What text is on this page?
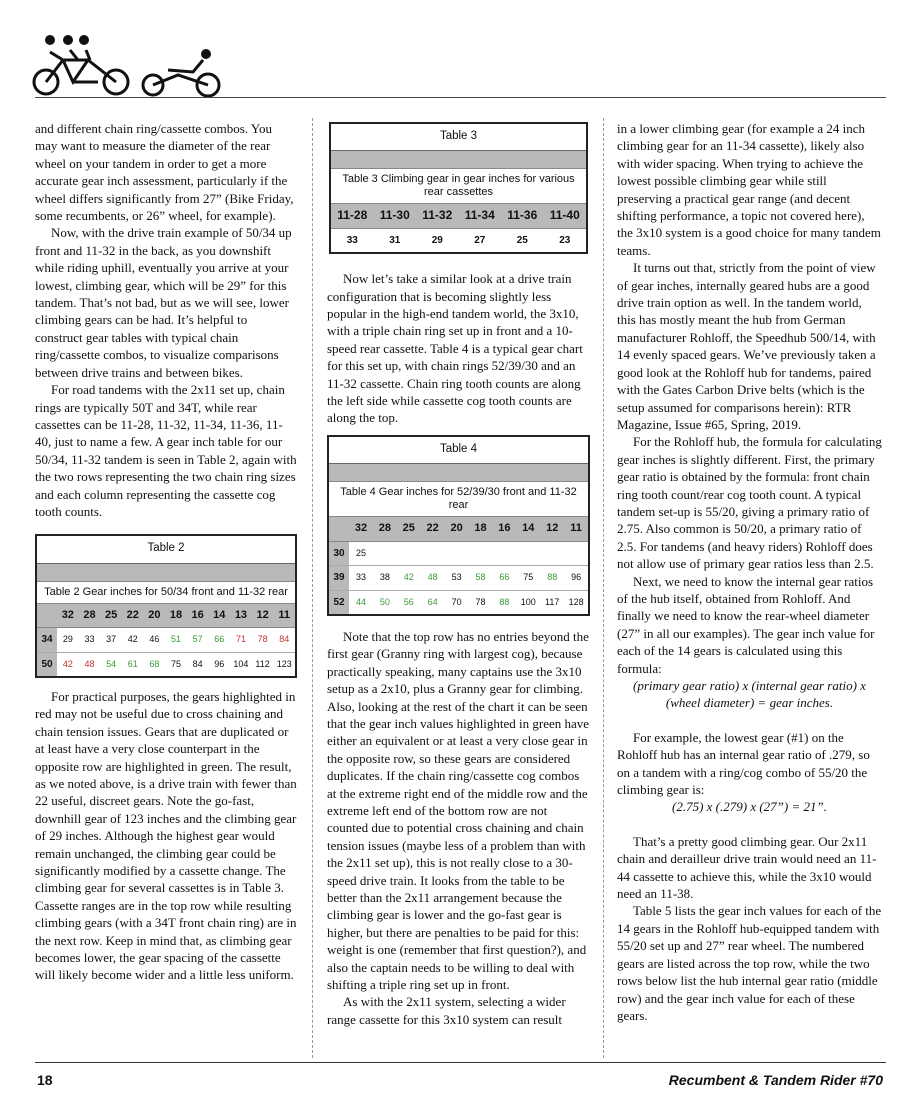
and different chain ring/cassette combos. You may want to measure the diameter of the rear wheel on your tandem in order to get a more accurate gear inch assessment, particularly if the wheel differs significantly from 27” (Bike Friday, some recumbents, or 26” wheel, for example).

Now, with the drive train example of 50/34 up front and 11-32 in the back, as you downshift while riding uphill, eventually you arrive at your lowest, climbing gear, which will be 29” for this tandem. That’s not bad, but as we will see, lower climbing gears can be had. It’s helpful to construct gear tables with typical chain ring/cassette combos, to visualize comparisons between drive trains and between bikes.

For road tandems with the 2x11 set up, chain rings are typically 50T and 34T, while rear cassettes can be 11-28, 11-32, 11-34, 11-36, 11-40, just to name a few. A gear inch table for our 50/34, 11-32 tandem is seen in Table 2, again with the two rows representing the two chain ring sizes and each column representing the cassette cog tooth counts.

Table 2
Table 2 Gear inches for 50/34 front and 11-32 rear
32 28 25 22 20 18 16 14 13 12 11
34	29	33	37	42	46	51	57	66	71	78	84
50	42	48	54	61	68	75	84	96	104 112 123

For practical purposes, the gears highlighted in red may not be useful due to cross chaining and chain tension issues. Gears that are duplicated or at least have a very close counterpart in the opposite row are highlighted in green. The result, as we noted above, is a drive train with fewer than 22 useful, discreet gears. Note the go-fast, downhill gear of 123 inches and the climbing gear of 29 inches. Although the highest gear would remain unchanged, the climbing gear could be significantly modified by a cassette change. The climbing gear for several cassettes is in Table 3. Cassette ranges are in the top row while resulting climbing gears (with a 34T front chain ring) are in the next row. Keep in mind that, as climbing gear becomes lower, the gear spacing of the cassette will likely become wider and a little less uniform.

Table 3
Table 3 Climbing gear in gear inches for various rear cassettes
11-28	11-30	11-32	11-34	11-36	11-40
33	31	29	27	25	23

Now let’s take a similar look at a drive train configuration that is becoming slightly less popular in the high-end tandem world, the 3x10, with a triple chain ring set up in front and a 10-speed rear cassette. Table 4 is a typical gear chart for this set up, with chain rings 52/39/30 and an 11-32 cassette. Chain ring tooth counts are along the left side while cassette cog tooth counts are along the top.

Table 4
Table 4 Gear inches for 52/39/30 front and 11-32 rear
32	28	25	22	20	18	16	14	12	11
30	25
39	33	38	42	48	53	58	66	75	88	96
52	44	50	56	64	70	78	88	100	117	128

Note that the top row has no entries beyond the first gear (Granny ring with largest cog), because practically speaking, many captains use the 3x10 setup as a 2x10, plus a Granny gear for climbing. Also, looking at the rest of the chart it can be seen that the gear inch values highlighted in green have either an equivalent or at least a very close gear in the opposite row, so these gears are considered duplicates. If the chain ring/cassette cog combos at the extreme right end of the middle row and the extreme left end of the bottom row are not counted due to potential cross chaining and chain tension issues (maybe less of a problem than with the 2x11 set up), this is not really close to a 30-speed drive train. It looks from the table to be better than the 2x11 arrangement because the climbing gear is lower and the go-fast gear is higher, but there are penalties to be paid for this: weight is one (remember that first question?), and also the captain needs to be willing to deal with shifting a triple ring set up in front.

As with the 2x11 system, selecting a wider range cassette for this 3x10 system can result

in a lower climbing gear (for example a 24 inch climbing gear for an 11-34 cassette), likely also with wider spacing. When trying to achieve the lowest possible climbing gear while still preserving a practical gear range (and decent shifting performance, a topic not covered here), the 3x10 system is a good choice for many tandem teams.

It turns out that, strictly from the point of view of gear inches, internally geared hubs are a good drive train option as well. In the tandem world, this has mostly meant the hub from German manufacturer Rohloff, the Speedhub 500/14, with 14 evenly spaced gears. We’ve previously taken a good look at the Rohloff hub for tandems, paired with the Gates Carbon Drive belts (which is the setup assumed for comparisons herein): RTR Magazine, Issue #65, Spring, 2019.

For the Rohloff hub, the formula for calculating gear inches is slightly different. First, the primary gear ratio is obtained by the formula: front chain ring tooth count/rear cog tooth count. A typical tandem set-up is 55/20, giving a primary ratio of 2.75. Also common is 50/20, a primary ratio of 2.5. For tandems (and heavy riders) Rohloff does not allow use of primary gear ratios less than 2.5.

Next, we need to know the internal gear ratios of the hub itself, obtained from Rohloff. And finally we need to know the rear-wheel diameter (27” in all our examples). The gear inch value for each of the 14 gears is calculated using this formula:

(primary gear ratio) x (internal gear ratio) x (wheel diameter) = gear inches.

For example, the lowest gear (#1) on the Rohloff hub has an internal gear ratio of .279, so on a tandem with a ring/cog combo of 55/20 the climbing gear is:

(2.75) x (.279) x (27”) = 21”.

That’s a pretty good climbing gear. Our 2x11 chain and derailleur drive train would need an 11-44 cassette to achieve this, while the 3x10 would need an 11-38.

Table 5 lists the gear inch values for each of the 14 gears in the Rohloff hub-equipped tandem with 55/20 set up and 27” rear wheel. The numbered gears are listed across the top row, while the two rows below list the hub internal gear ratio (middle row) and the gear inch value for each of these gears.

18	Recumbent & Tandem Rider #70
